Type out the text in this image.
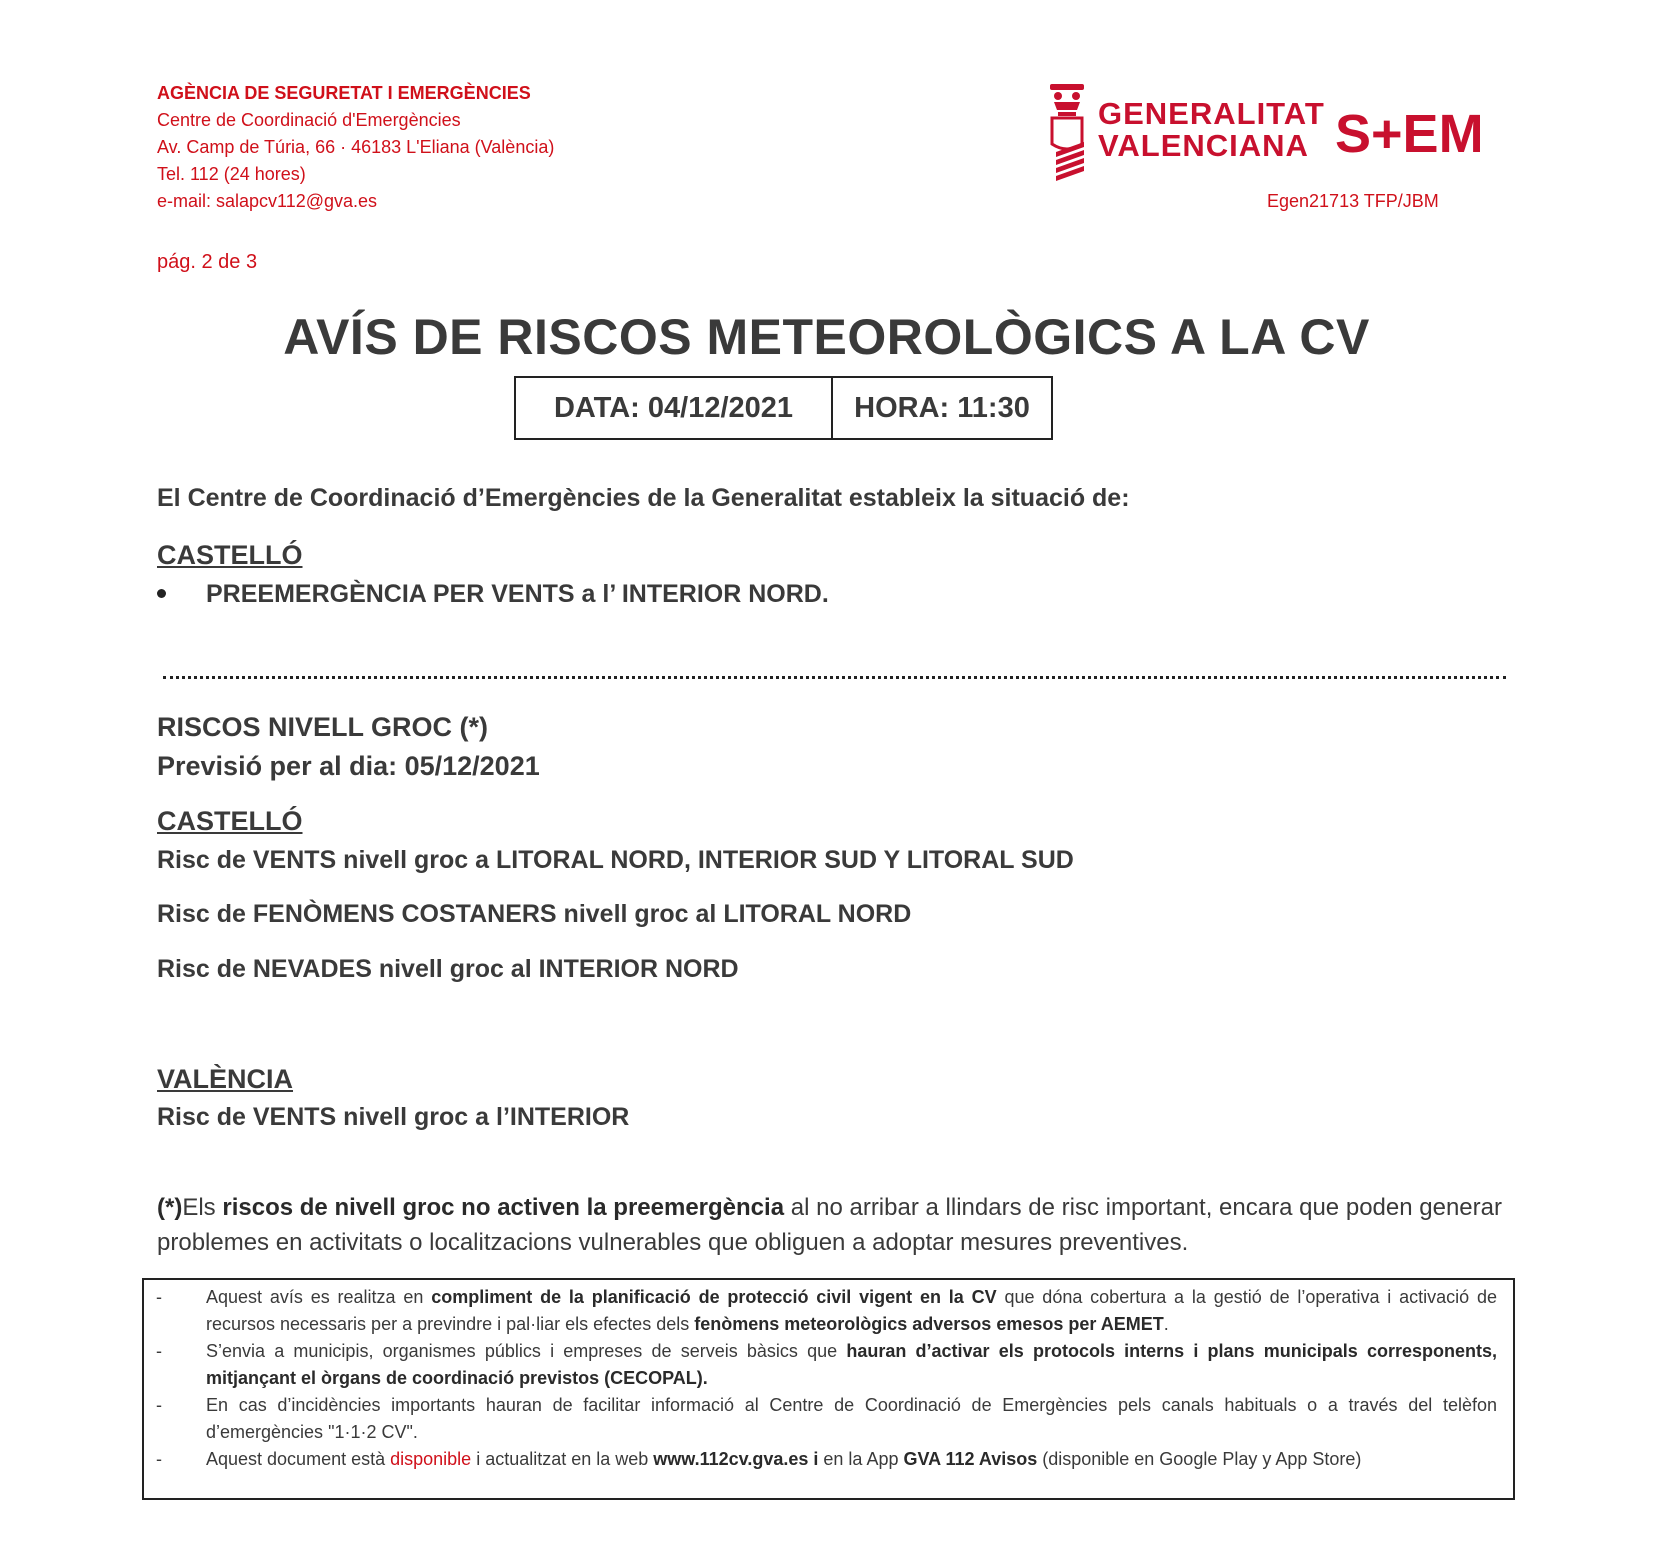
AGÈNCIA DE SEGURETAT I EMERGÈNCIES
Centre de Coordinació d'Emergències
Av. Camp de Túria, 66 · 46183 L'Eliana (València)
Tel. 112 (24 hores)
e-mail: salapcv112@gva.es
GENERALITAT
VALENCIANA S+EM
Egen21713 TFP/JBM
pág. 2 de 3
AVÍS DE RISCOS METEOROLÒGICS A LA CV
DATA: 04/12/2021	HORA: 11:30
El Centre de Coordinació d’Emergències de la Generalitat estableix la situació de:
CASTELLÓ
PREEMERGÈNCIA PER VENTS a l’ INTERIOR NORD.
RISCOS NIVELL GROC (*)
Previsió per al dia: 05/12/2021
CASTELLÓ
Risc de VENTS nivell groc a LITORAL NORD, INTERIOR SUD Y LITORAL SUD
Risc de FENÒMENS COSTANERS nivell groc al LITORAL NORD
Risc de NEVADES nivell groc al INTERIOR NORD
VALÈNCIA
Risc de VENTS nivell groc a l’INTERIOR
(*)Els riscos de nivell groc no activen la preemergència al no arribar a llindars de risc important, encara que poden generar problemes en activitats o localitzacions vulnerables que obliguen a adoptar mesures preventives.
-	Aquest avís es realitza en compliment de la planificació de protecció civil vigent en la CV que dóna cobertura a la gestió de l’operativa i activació de recursos necessaris per a previndre i pal·liar els efectes dels fenòmens meteorològics adversos emesos per AEMET.
-	S’envia a municipis, organismes públics i empreses de serveis bàsics que hauran d’activar els protocols interns i plans municipals corresponents, mitjançant el òrgans de coordinació previstos (CECOPAL).
-	En cas d’incidències importants hauran de facilitar informació al Centre de Coordinació de Emergències pels canals habituals o a través del telèfon d’emergències "1·1·2 CV".
-	Aquest document està disponible i actualitzat en la web www.112cv.gva.es i en la App GVA 112 Avisos (disponible en Google Play y App Store)
